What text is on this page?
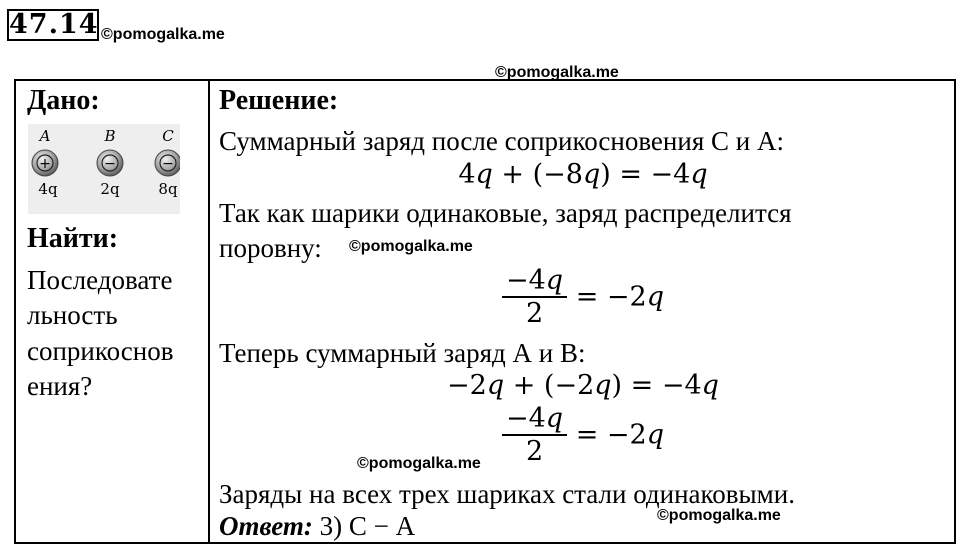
47.14 ©pomogalka.me
©pomogalka.me
Дано:
A
+
4q
B
−
2q
C
−
8q
Найти:
Последовате
льность
соприкоснов
ения?
Решение:
Суммарный заряд после соприкосновения С и А:
4𝑞 + (−8𝑞) = −4𝑞
Так как шарики одинаковые, заряд распределится
поровну: ©pomogalka.me
$\frac{\text{−4𝑞}}{2}$ = −2𝑞
Теперь суммарный заряд А и В:
−2𝑞 + (−2𝑞) = −4𝑞
$\frac{\text{−4𝑞}}{2}$ = −2𝑞
©pomogalka.me
Заряды на всех трех шариках стали одинаковыми.
Ответ: 3) С − А	©pomogalka.me
